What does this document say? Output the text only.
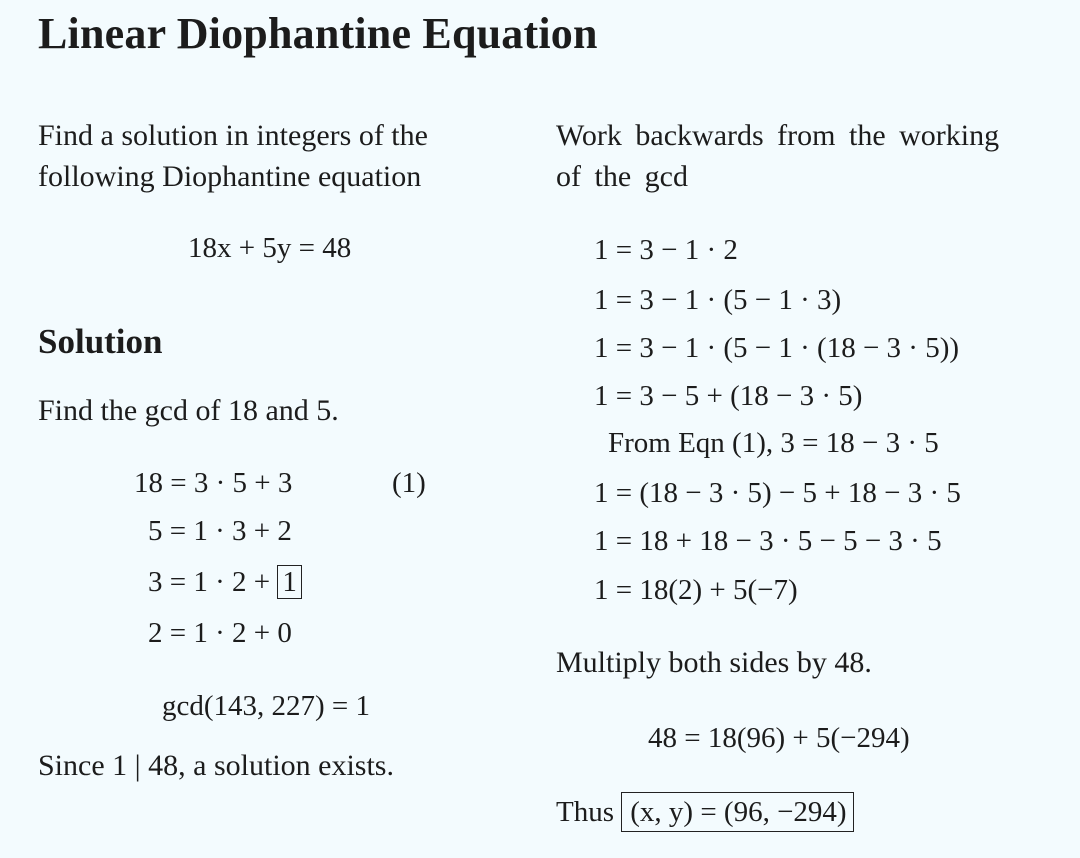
Linear Diophantine Equation
Find a solution in integers of the
following Diophantine equation
18x + 5y = 48
Solution
Find the gcd of 18 and 5.
18 = 3 · 5 + 3	(1)
5 = 1 · 3 + 2
3 = 1 · 2 + 1
2 = 1 · 2 + 0
gcd(143, 227) = 1
Since 1 | 48, a solution exists.
Work backwards from the working
of the gcd
1 = 3 − 1 · 2
1 = 3 − 1 · (5 − 1 · 3)
1 = 3 − 1 · (5 − 1 · (18 − 3 · 5))
1 = 3 − 5 + (18 − 3 · 5)
From Eqn (1), 3 = 18 − 3 · 5
1 = (18 − 3 · 5) − 5 + 18 − 3 · 5
1 = 18 + 18 − 3 · 5 − 5 − 3 · 5
1 = 18(2) + 5(−7)
Multiply both sides by 48.
48 = 18(96) + 5(−294)
Thus (x, y) = (96, −294)
